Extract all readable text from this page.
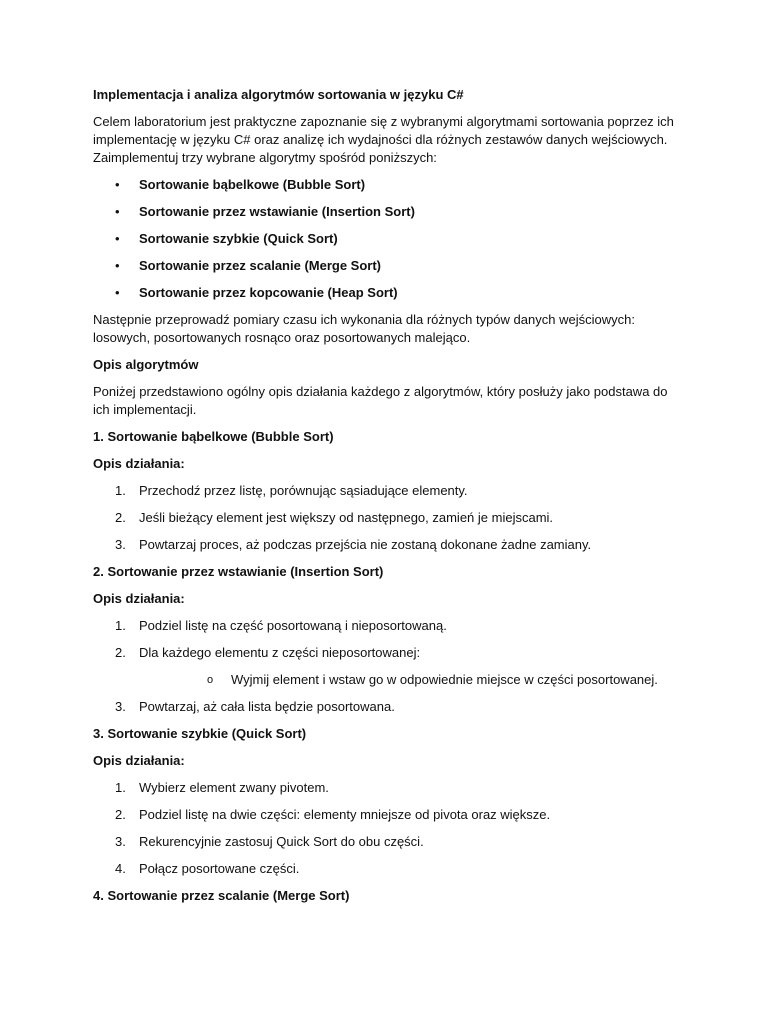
Implementacja i analiza algorytmów sortowania w języku C#

Celem laboratorium jest praktyczne zapoznanie się z wybranymi algorytmami sortowania poprzez ich implementację w języku C# oraz analizę ich wydajności dla różnych zestawów danych wejściowych. Zaimplementuj trzy wybrane algorytmy spośród poniższych:

• Sortowanie bąbelkowe (Bubble Sort)
• Sortowanie przez wstawianie (Insertion Sort)
• Sortowanie szybkie (Quick Sort)
• Sortowanie przez scalanie (Merge Sort)
• Sortowanie przez kopcowanie (Heap Sort)

Następnie przeprowadź pomiary czasu ich wykonania dla różnych typów danych wejściowych: losowych, posortowanych rosnąco oraz posortowanych malejąco.

Opis algorytmów

Poniżej przedstawiono ogólny opis działania każdego z algorytmów, który posłuży jako podstawa do ich implementacji.

1. Sortowanie bąbelkowe (Bubble Sort)

Opis działania:

1. Przechodź przez listę, porównując sąsiadujące elementy.
2. Jeśli bieżący element jest większy od następnego, zamień je miejscami.
3. Powtarzaj proces, aż podczas przejścia nie zostaną dokonane żadne zamiany.

2. Sortowanie przez wstawianie (Insertion Sort)

Opis działania:

1. Podziel listę na część posortowaną i nieposortowaną.
2. Dla każdego elementu z części nieposortowanej:
o Wyjmij element i wstaw go w odpowiednie miejsce w części posortowanej.
3. Powtarzaj, aż cała lista będzie posortowana.

3. Sortowanie szybkie (Quick Sort)

Opis działania:

1. Wybierz element zwany pivotem.
2. Podziel listę na dwie części: elementy mniejsze od pivota oraz większe.
3. Rekurencyjnie zastosuj Quick Sort do obu części.
4. Połącz posortowane części.

4. Sortowanie przez scalanie (Merge Sort)
